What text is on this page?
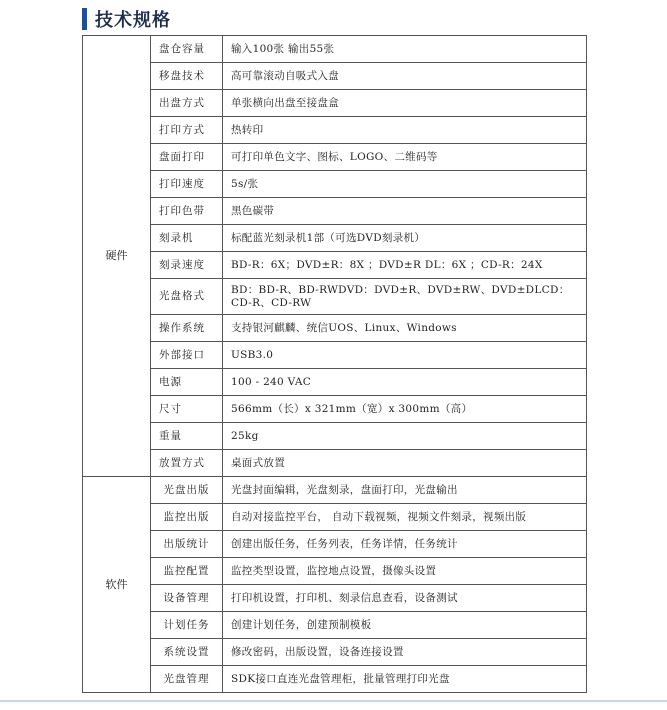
技术规格
硬件	盘仓容量	输入100张 输出55张
	移盘技术	高可靠滚动自吸式入盘
	出盘方式	单张横向出盘至接盘盒
	打印方式	热转印
	盘面打印	可打印单色文字、图标、LOGO、二维码等
	打印速度	5s/张
	打印色带	黑色碳带
	刻录机	标配蓝光刻录机1部（可选DVD刻录机）
	刻录速度	BD-R：6X；DVD±R：8X ；DVD±R DL：6X ；CD-R：24X
	光盘格式	BD：BD-R、BD-RWDVD：DVD±R、DVD±RW、DVD±DLCD：CD-R、CD-RW
	操作系统	支持银河麒麟、统信UOS、Linux、Windows
	外部接口	USB3.0
	电源	100 - 240 VAC
	尺寸	566mm（长）x 321mm（宽）x 300mm（高）
	重量	25kg
	放置方式	桌面式放置
软件	光盘出版	光盘封面编辑，光盘刻录，盘面打印，光盘输出
	监控出版	自动对接监控平台， 自动下载视频，视频文件刻录，视频出版
	出版统计	创建出版任务，任务列表，任务详情，任务统计
	监控配置	监控类型设置，监控地点设置，摄像头设置
	设备管理	打印机设置，打印机、刻录信息查看，设备测试
	计划任务	创建计划任务，创建预制模板
	系统设置	修改密码，出版设置，设备连接设置
	光盘管理	SDK接口直连光盘管理柜，批量管理打印光盘
